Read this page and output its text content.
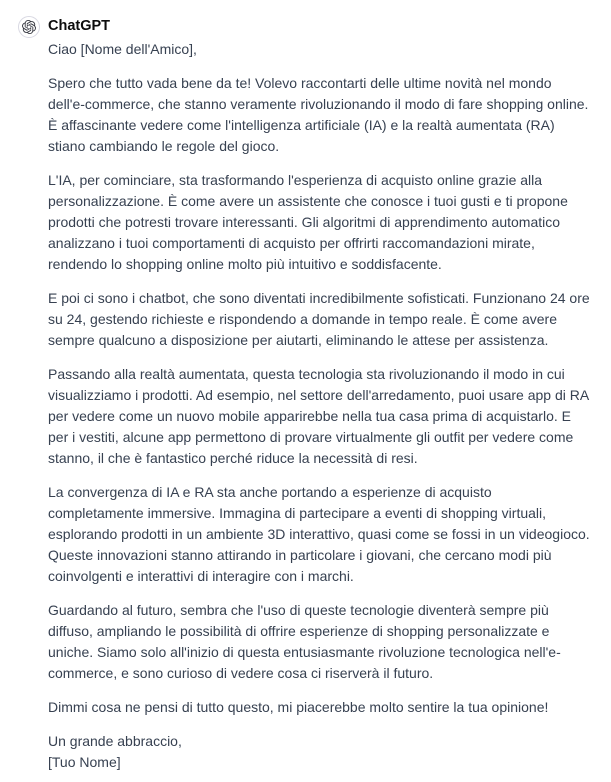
ChatGPT

Ciao [Nome dell'Amico],

Spero che tutto vada bene da te! Volevo raccontarti delle ultime novità nel mondo dell'e-commerce, che stanno veramente rivoluzionando il modo di fare shopping online. È affascinante vedere come l'intelligenza artificiale (IA) e la realtà aumentata (RA) stiano cambiando le regole del gioco.

L'IA, per cominciare, sta trasformando l'esperienza di acquisto online grazie alla personalizzazione. È come avere un assistente che conosce i tuoi gusti e ti propone prodotti che potresti trovare interessanti. Gli algoritmi di apprendimento automatico analizzano i tuoi comportamenti di acquisto per offrirti raccomandazioni mirate, rendendo lo shopping online molto più intuitivo e soddisfacente.

E poi ci sono i chatbot, che sono diventati incredibilmente sofisticati. Funzionano 24 ore su 24, gestendo richieste e rispondendo a domande in tempo reale. È come avere sempre qualcuno a disposizione per aiutarti, eliminando le attese per assistenza.

Passando alla realtà aumentata, questa tecnologia sta rivoluzionando il modo in cui visualizziamo i prodotti. Ad esempio, nel settore dell'arredamento, puoi usare app di RA per vedere come un nuovo mobile apparirebbe nella tua casa prima di acquistarlo. E per i vestiti, alcune app permettono di provare virtualmente gli outfit per vedere come stanno, il che è fantastico perché riduce la necessità di resi.

La convergenza di IA e RA sta anche portando a esperienze di acquisto completamente immersive. Immagina di partecipare a eventi di shopping virtuali, esplorando prodotti in un ambiente 3D interattivo, quasi come se fossi in un videogioco. Queste innovazioni stanno attirando in particolare i giovani, che cercano modi più coinvolgenti e interattivi di interagire con i marchi.

Guardando al futuro, sembra che l'uso di queste tecnologie diventerà sempre più diffuso, ampliando le possibilità di offrire esperienze di shopping personalizzate e uniche. Siamo solo all'inizio di questa entusiasmante rivoluzione tecnologica nell'e-commerce, e sono curioso di vedere cosa ci riserverà il futuro.

Dimmi cosa ne pensi di tutto questo, mi piacerebbe molto sentire la tua opinione!

Un grande abbraccio,
[Tuo Nome]
